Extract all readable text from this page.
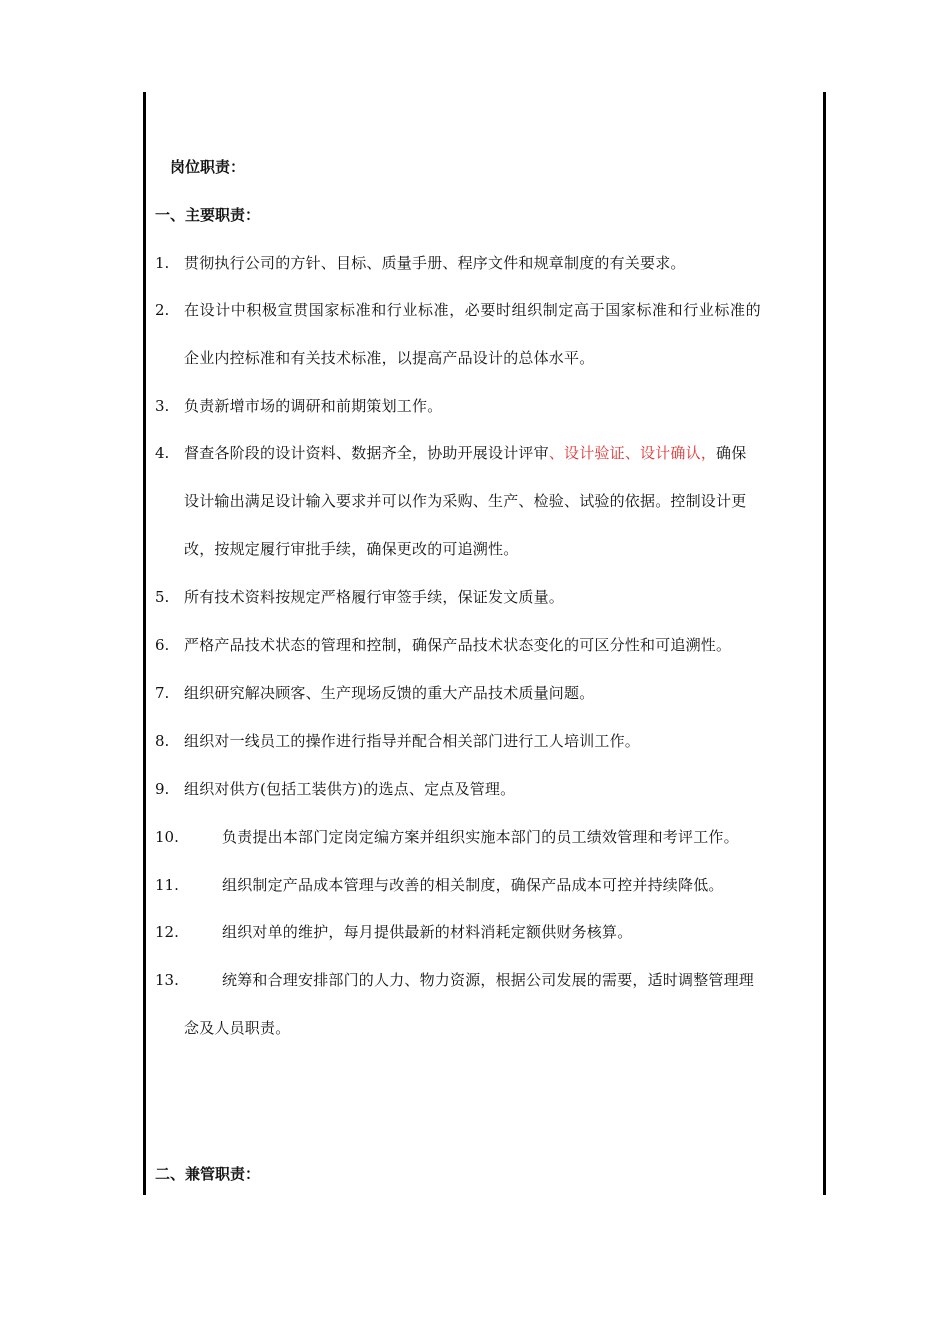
岗位职责：
一、主要职责：
1. 贯彻执行公司的方针、目标、质量手册、程序文件和规章制度的有关要求。
2. 在设计中积极宣贯国家标准和行业标准，必要时组织制定高于国家标准和行业标准的
企业内控标准和有关技术标准，以提高产品设计的总体水平。
3. 负责新增市场的调研和前期策划工作。
4. 督查各阶段的设计资料、数据齐全，协助开展设计评审、设计验证、设计确认，确保
设计输出满足设计输入要求并可以作为采购、生产、检验、试验的依据。控制设计更
改，按规定履行审批手续，确保更改的可追溯性。
5. 所有技术资料按规定严格履行审签手续，保证发文质量。
6. 严格产品技术状态的管理和控制，确保产品技术状态变化的可区分性和可追溯性。
7. 组织研究解决顾客、生产现场反馈的重大产品技术质量问题。
8. 组织对一线员工的操作进行指导并配合相关部门进行工人培训工作。
9. 组织对供方(包括工装供方)的选点、定点及管理。
10.	负责提出本部门定岗定编方案并组织实施本部门的员工绩效管理和考评工作。
11.	组织制定产品成本管理与改善的相关制度，确保产品成本可控并持续降低。
12.	组织对单的维护，每月提供最新的材料消耗定额供财务核算。
13.	统筹和合理安排部门的人力、物力资源，根据公司发展的需要，适时调整管理理
念及人员职责。
二、兼管职责：
